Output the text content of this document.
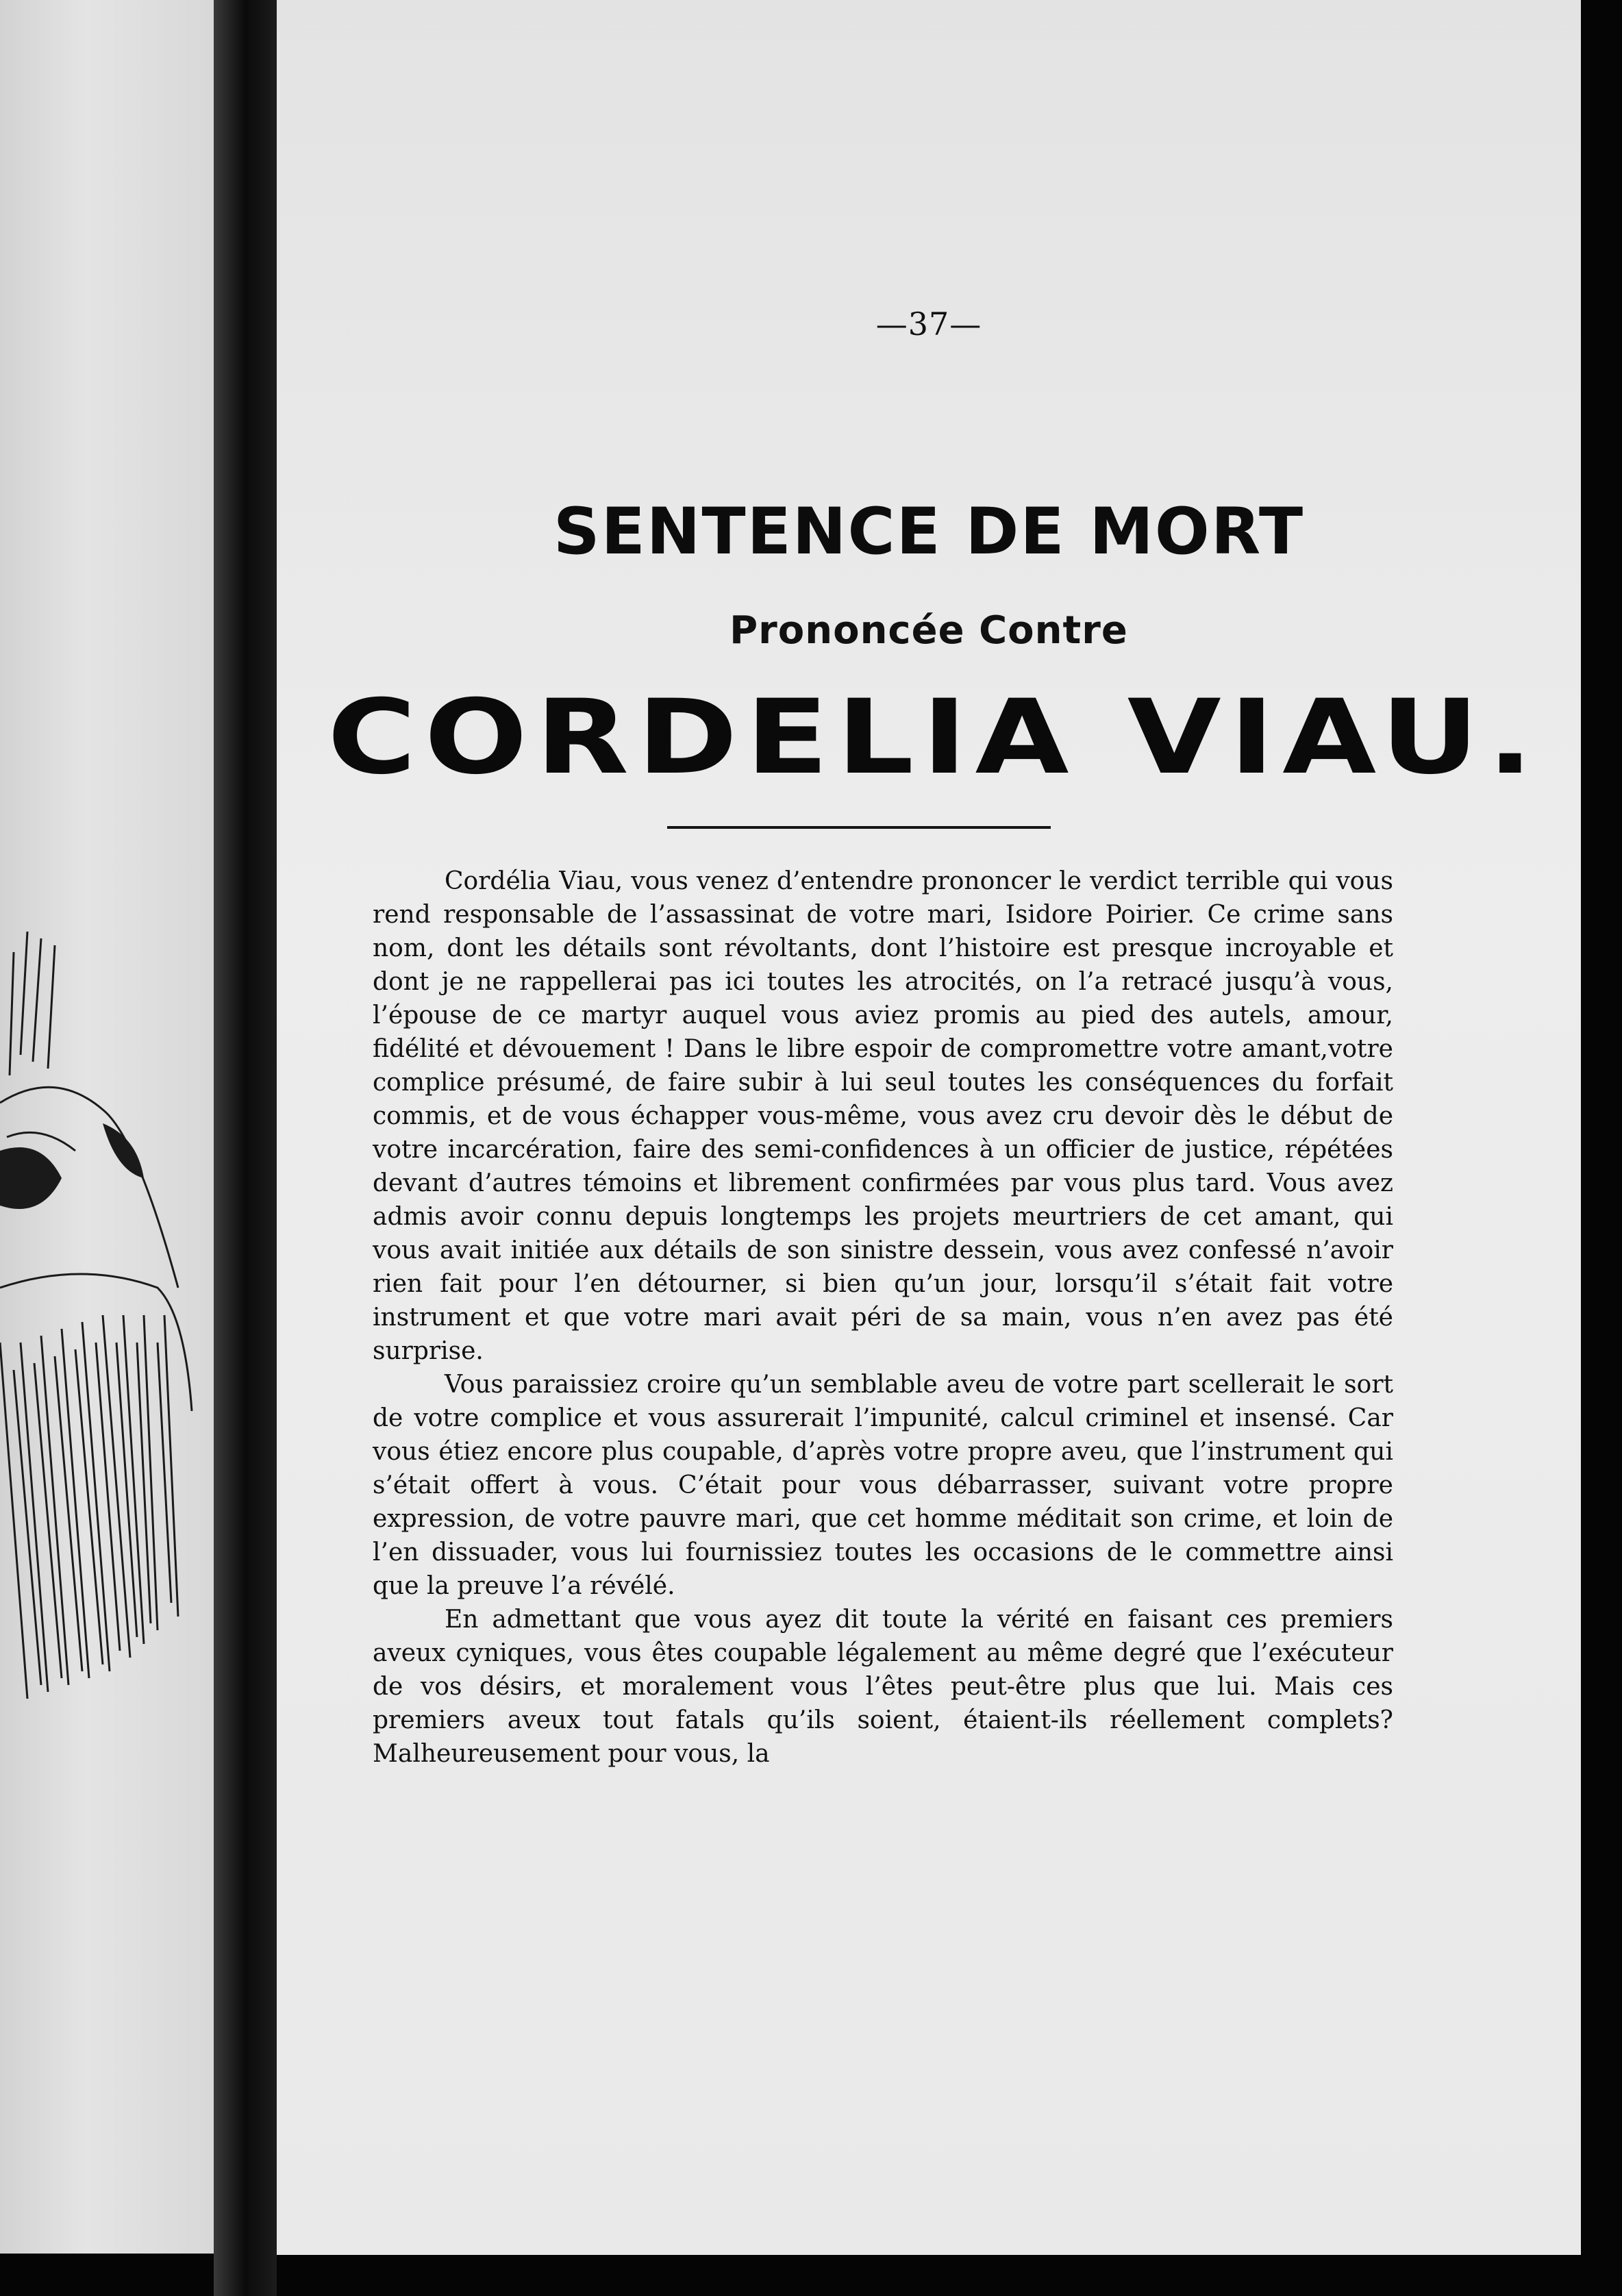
—37—
SENTENCE DE MORT
Prononcée Contre
CORDELIA VIAU.

Cordélia Viau, vous venez d’entendre prononcer le verdict terrible qui vous rend responsable de l’assassinat de votre mari, Isidore Poirier. Ce crime sans nom, dont les détails sont révoltants, dont l’histoire est presque incroyable et dont je ne rappellerai pas ici toutes les atrocités, on l’a retracé jusqu’à vous, l’épouse de ce martyr auquel vous aviez promis au pied des autels, amour, fidélité et dévouement ! Dans le libre espoir de compromettre votre amant,votre complice présumé, de faire subir à lui seul toutes les conséquences du forfait commis, et de vous échapper vous-même, vous avez cru devoir dès le début de votre incarcération, faire des semi-confidences à un officier de justice, répétées devant d’autres témoins et librement confirmées par vous plus tard. Vous avez admis avoir connu depuis longtemps les projets meurtriers de cet amant, qui vous avait initiée aux détails de son sinistre dessein, vous avez confessé n’avoir rien fait pour l’en détourner, si bien qu’un jour, lorsqu’il s’était fait votre instrument et que votre mari avait péri de sa main, vous n’en avez pas été surprise.

Vous paraissiez croire qu’un semblable aveu de votre part scellerait le sort de votre complice et vous assurerait l’impunité, calcul criminel et insensé. Car vous étiez encore plus coupable, d’après votre propre aveu, que l’instrument qui s’était offert à vous. C’était pour vous débarrasser, suivant votre propre expression, de votre pauvre mari, que cet homme méditait son crime, et loin de l’en dissuader, vous lui fournissiez toutes les occasions de le commettre ainsi que la preuve l’a révélé.

En admettant que vous ayez dit toute la vérité en faisant ces premiers aveux cyniques, vous êtes coupable légalement au même degré que l’exécuteur de vos désirs, et moralement vous l’êtes peut-être plus que lui. Mais ces premiers aveux tout fatals qu’ils soient, étaient-ils réellement complets? Malheureusement pour vous, la
